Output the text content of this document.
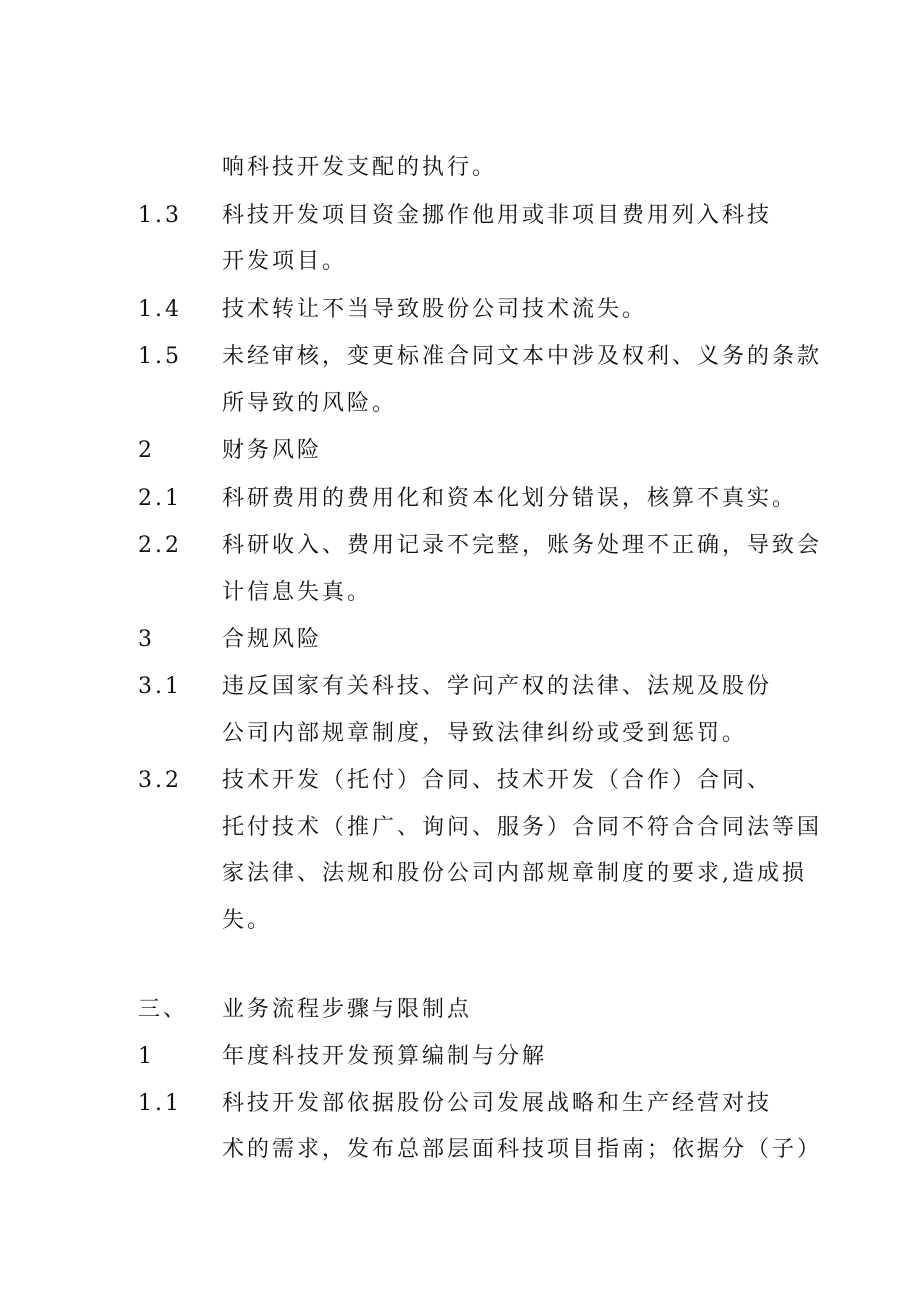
响科技开发支配的执行。
1.3 科技开发项目资金挪作他用或非项目费用列入科技
开发项目。
1.4 技术转让不当导致股份公司技术流失。
1.5 未经审核，变更标准合同文本中涉及权利、义务的条款
所导致的风险。
2	财务风险
2.1 科研费用的费用化和资本化划分错误，核算不真实。
2.2 科研收入、费用记录不完整，账务处理不正确，导致会
计信息失真。
3	合规风险
3.1 违反国家有关科技、学问产权的法律、法规及股份
公司内部规章制度，导致法律纠纷或受到惩罚。
3.2 技术开发（托付）合同、技术开发（合作）合同、
托付技术（推广、询问、服务）合同不符合合同法等国
家法律、法规和股份公司内部规章制度的要求,造成损
失。
三、 业务流程步骤与限制点
1	年度科技开发预算编制与分解
1.1 科技开发部依据股份公司发展战略和生产经营对技
术的需求，发布总部层面科技项目指南；依据分（子）
